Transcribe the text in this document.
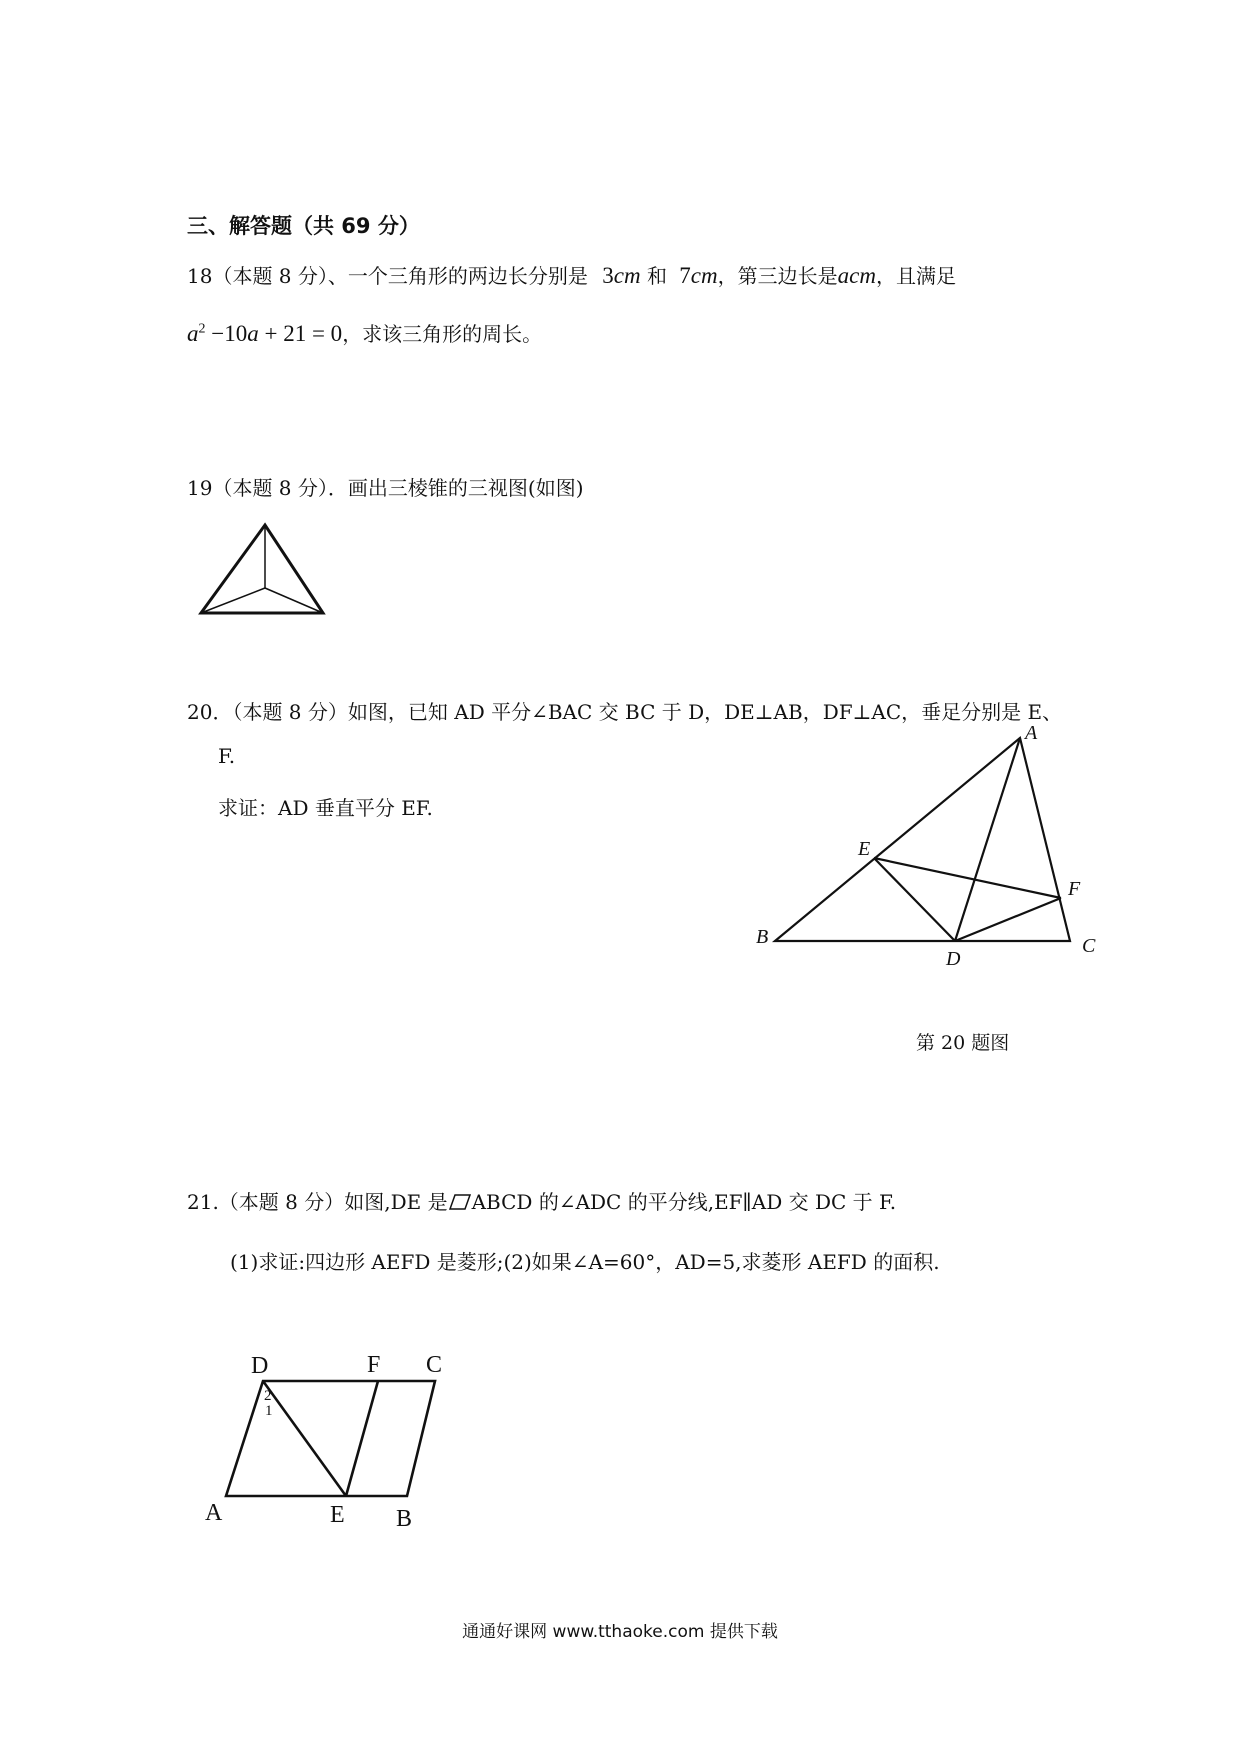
三、解答题（共 69 分）
18（本题 8 分）、一个三角形的两边长分别是 3cm 和 7cm，第三边长是acm，且满足
$a^2 -10a + 21 = 0$，求该三角形的周长。
19（本题 8 分）．画出三棱锥的三视图(如图)
20．（本题 8 分）如图，已知 AD 平分∠BAC 交 BC 于 D，DE⊥AB，DF⊥AC，垂足分别是 E、
F.
求证：AD 垂直平分 EF.
A
B	C
D
E
F
第 20 题图
21.（本题 8 分）如图,DE 是 ABCD 的∠ADC 的平分线,EF∥AD 交 DC 于 F.
(1)求证:四边形 AEFD 是菱形;(2)如果∠A=60°，AD=5,求菱形 AEFD 的面积.
A	B
C
D
E
F
2
1
通通好课网 www.tthaoke.com 提供下载
